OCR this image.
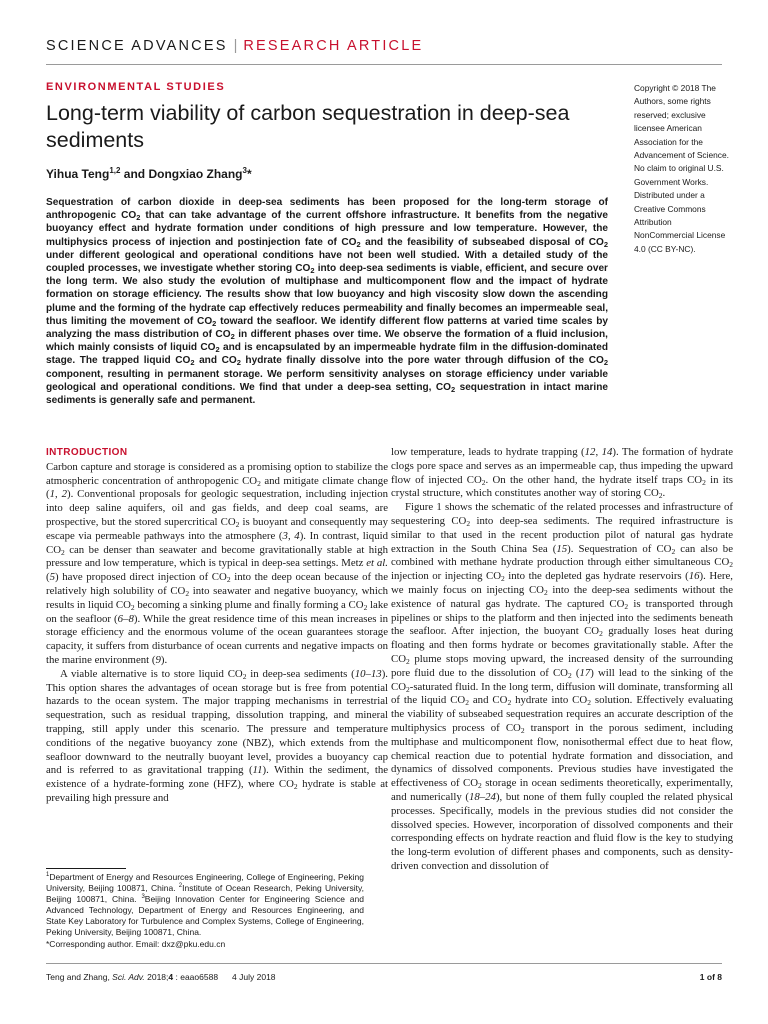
SCIENCE ADVANCES | RESEARCH ARTICLE
ENVIRONMENTAL STUDIES
Long-term viability of carbon sequestration in deep-sea sediments
Yihua Teng$^{1,2}$ and Dongxiao Zhang$^3$*

Copyright © 2018 The Authors, some rights reserved; exclusive licensee American Association for the Advancement of Science. No claim to original U.S. Government Works. Distributed under a Creative Commons Attribution NonCommercial License 4.0 (CC BY-NC).

Sequestration of carbon dioxide in deep-sea sediments has been proposed for the long-term storage of anthropogenic $CO_2$ that can take advantage of the current offshore infrastructure. It benefits from the negative buoyancy effect and hydrate formation under conditions of high pressure and low temperature. However, the multiphysics process of injection and postinjection fate of $CO_2$ and the feasibility of subseabed disposal of $CO_2$ under different geological and operational conditions have not been well studied. With a detailed study of the coupled processes, we investigate whether storing $CO_2$ into deep-sea sediments is viable, efficient, and secure over the long term. We also study the evolution of multiphase and multicomponent flow and the impact of hydrate formation on storage efficiency. The results show that low buoyancy and high viscosity slow down the ascending plume and the forming of the hydrate cap effectively reduces permeability and finally becomes an impermeable seal, thus limiting the movement of $CO_2$ toward the seafloor. We identify different flow patterns at varied time scales by analyzing the mass distribution of $CO_2$ in different phases over time. We observe the formation of a fluid inclusion, which mainly consists of liquid $CO_2$ and is encapsulated by an impermeable hydrate film in the diffusion-dominated stage. The trapped liquid $CO_2$ and $CO_2$ hydrate finally dissolve into the pore water through diffusion of the $CO_2$ component, resulting in permanent storage. We perform sensitivity analyses on storage efficiency under variable geological and operational conditions. We find that under a deep-sea setting, $CO_2$ sequestration in intact marine sediments is generally safe and permanent.

INTRODUCTION

Carbon capture and storage is considered as a promising option to stabilize the atmospheric concentration of anthropogenic $CO_2$ and mitigate climate change (1, 2). Conventional proposals for geologic sequestration, including injection into deep saline aquifers, oil and gas fields, and deep coal seams, are prospective, but the stored supercritical $CO_2$ is buoyant and consequently may escape via permeable pathways into the atmosphere (3, 4). In contrast, liquid $CO_2$ can be denser than seawater and become gravitationally stable at high pressure and low temperature, which is typical in deep-sea settings. Metz et al. (5) have proposed direct injection of $CO_2$ into the deep ocean because of the relatively high solubility of $CO_2$ into seawater and negative buoyancy, which results in liquid $CO_2$ becoming a sinking plume and finally forming a $CO_2$ lake on the seafloor (6–8). While the great residence time of this mean increases in storage efficiency and the enormous volume of the ocean guarantees storage capacity, it suffers from disturbance of ocean currents and negative impacts on the marine environment (9).

A viable alternative is to store liquid $CO_2$ in deep-sea sediments (10–13). This option shares the advantages of ocean storage but is free from potential hazards to the ocean system. The major trapping mechanisms in terrestrial sequestration, such as residual trapping, dissolution trapping, and mineral trapping, still apply under this scenario. The pressure and temperature conditions of the negative buoyancy zone (NBZ), which extends from the seafloor downward to the neutrally buoyant level, provides a buoyancy cap and is referred to as gravitational trapping (11). Within the sediment, the existence of a hydrate-forming zone (HFZ), where $CO_2$ hydrate is stable at prevailing high pressure and

low temperature, leads to hydrate trapping (12, 14). The formation of hydrate clogs pore space and serves as an impermeable cap, thus impeding the upward flow of injected $CO_2$. On the other hand, the hydrate itself traps $CO_2$ in its crystal structure, which constitutes another way of storing $CO_2$.

Figure 1 shows the schematic of the related processes and infrastructure of sequestering $CO_2$ into deep-sea sediments. The required infrastructure is similar to that used in the recent production pilot of natural gas hydrate extraction in the South China Sea (15). Sequestration of $CO_2$ can also be combined with methane hydrate production through either simultaneous $CO_2$ injection or injecting $CO_2$ into the depleted gas hydrate reservoirs (16). Here, we mainly focus on injecting $CO_2$ into the deep-sea sediments without the existence of natural gas hydrate. The captured $CO_2$ is transported through pipelines or ships to the platform and then injected into the sediments beneath the seafloor. After injection, the buoyant $CO_2$ gradually loses heat during floating and then forms hydrate or becomes gravitationally stable. After the $CO_2$ plume stops moving upward, the increased density of the surrounding pore fluid due to the dissolution of $CO_2$ (17) will lead to the sinking of the $CO_2$-saturated fluid. In the long term, diffusion will dominate, transforming all of the liquid $CO_2$ and $CO_2$ hydrate into $CO_2$ solution. Effectively evaluating the viability of subseabed sequestration requires an accurate description of the multiphysics process of $CO_2$ transport in the porous sediment, including multiphase and multicomponent flow, nonisothermal effect due to heat flow, chemical reaction due to potential hydrate formation and dissociation, and dynamics of dissolved components. Previous studies have investigated the effectiveness of $CO_2$ storage in ocean sediments theoretically, experimentally, and numerically (18–24), but none of them fully coupled the related physical processes. Specifically, models in the previous studies did not consider the dissolved species. However, incorporation of dissolved components and their corresponding effects on hydrate reaction and fluid flow is the key to studying the long-term evolution of different phases and components, such as density-driven convection and dissolution of

$^1$Department of Energy and Resources Engineering, College of Engineering, Peking University, Beijing 100871, China. $^2$Institute of Ocean Research, Peking University, Beijing 100871, China. $^3$Beijing Innovation Center for Engineering Science and Advanced Technology, Department of Energy and Resources Engineering, and State Key Laboratory for Turbulence and Complex Systems, College of Engineering, Peking University, Beijing 100871, China.
*Corresponding author. Email: dxz@pku.edu.cn

Teng and Zhang, Sci. Adv. 2018;4 : eaao6588 4 July 2018	1 of 8
